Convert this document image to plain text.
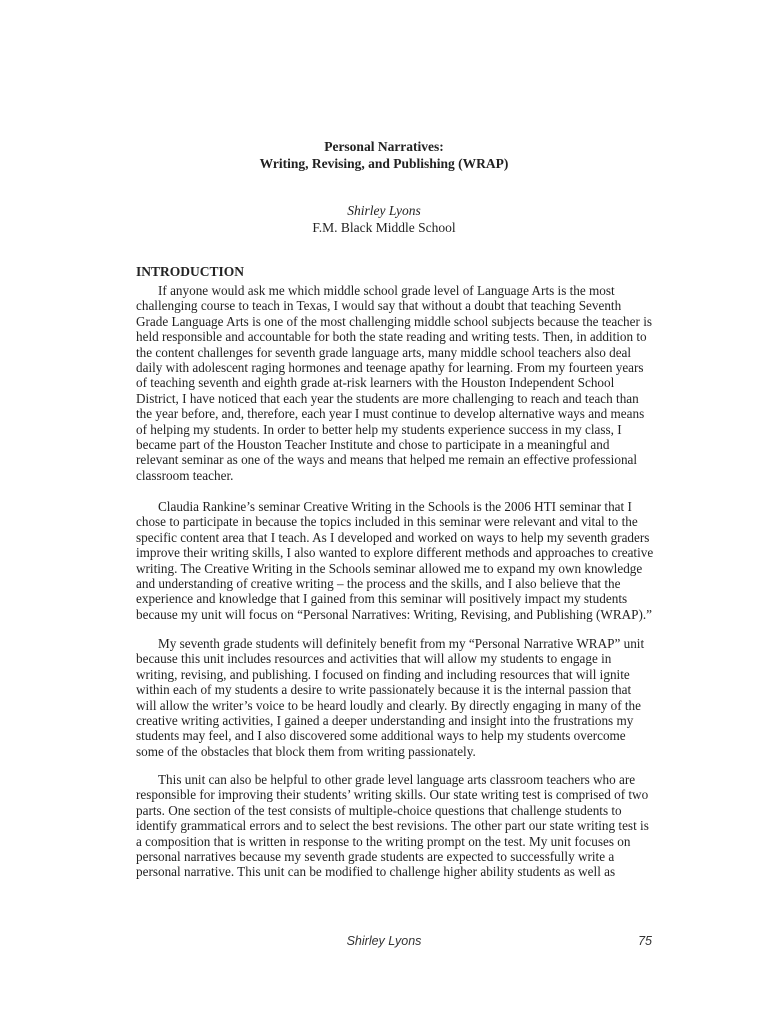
Personal Narratives:
Writing, Revising, and Publishing (WRAP)
Shirley Lyons
F.M. Black Middle School
INTRODUCTION

If anyone would ask me which middle school grade level of Language Arts is the most
challenging course to teach in Texas, I would say that without a doubt that teaching Seventh
Grade Language Arts is one of the most challenging middle school subjects because the teacher is
held responsible and accountable for both the state reading and writing tests. Then, in addition to
the content challenges for seventh grade language arts, many middle school teachers also deal
daily with adolescent raging hormones and teenage apathy for learning. From my fourteen years
of teaching seventh and eighth grade at-risk learners with the Houston Independent School
District, I have noticed that each year the students are more challenging to reach and teach than
the year before, and, therefore, each year I must continue to develop alternative ways and means
of helping my students. In order to better help my students experience success in my class, I
became part of the Houston Teacher Institute and chose to participate in a meaningful and
relevant seminar as one of the ways and means that helped me remain an effective professional
classroom teacher.

Claudia Rankine’s seminar Creative Writing in the Schools is the 2006 HTI seminar that I
chose to participate in because the topics included in this seminar were relevant and vital to the
specific content area that I teach. As I developed and worked on ways to help my seventh graders
improve their writing skills, I also wanted to explore different methods and approaches to creative
writing. The Creative Writing in the Schools seminar allowed me to expand my own knowledge
and understanding of creative writing – the process and the skills, and I also believe that the
experience and knowledge that I gained from this seminar will positively impact my students
because my unit will focus on “Personal Narratives: Writing, Revising, and Publishing (WRAP).”

My seventh grade students will definitely benefit from my “Personal Narrative WRAP” unit
because this unit includes resources and activities that will allow my students to engage in
writing, revising, and publishing. I focused on finding and including resources that will ignite
within each of my students a desire to write passionately because it is the internal passion that
will allow the writer’s voice to be heard loudly and clearly. By directly engaging in many of the
creative writing activities, I gained a deeper understanding and insight into the frustrations my
students may feel, and I also discovered some additional ways to help my students overcome
some of the obstacles that block them from writing passionately.

This unit can also be helpful to other grade level language arts classroom teachers who are
responsible for improving their students’ writing skills. Our state writing test is comprised of two
parts. One section of the test consists of multiple-choice questions that challenge students to
identify grammatical errors and to select the best revisions. The other part our state writing test is
a composition that is written in response to the writing prompt on the test. My unit focuses on
personal narratives because my seventh grade students are expected to successfully write a
personal narrative. This unit can be modified to challenge higher ability students as well as

Shirley Lyons	75
